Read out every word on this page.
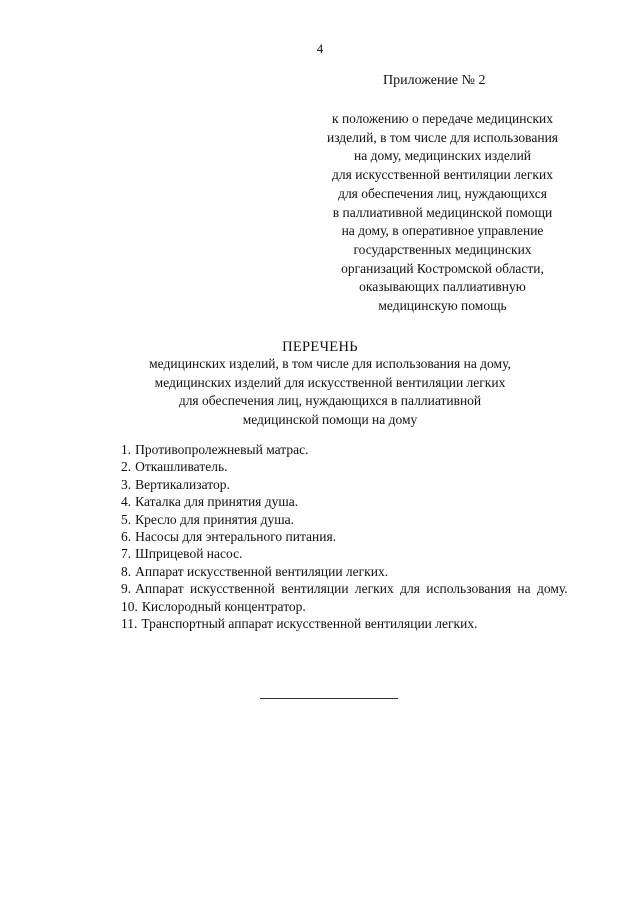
4
Приложение № 2
к положению о передаче медицинских
изделий, в том числе для использования
на дому, медицинских изделий
для искусственной вентиляции легких
для обеспечения лиц, нуждающихся
в паллиативной медицинской помощи
на дому, в оперативное управление
государственных медицинских
организаций Костромской области,
оказывающих паллиативную
медицинскую помощь
ПЕРЕЧЕНЬ
медицинских изделий, в том числе для использования на дому,
медицинских изделий для искусственной вентиляции легких
для обеспечения лиц, нуждающихся в паллиативной
медицинской помощи на дому
1. Противопролежневый матрас.
2. Откашливатель.
3. Вертикализатор.
4. Каталка для принятия душа.
5. Кресло для принятия душа.
6. Насосы для энтерального питания.
7. Шприцевой насос.
8. Аппарат искусственной вентиляции легких.
9. Аппарат искусственной вентиляции легких для использования на дому.
10. Кислородный концентратор.
11. Транспортный аппарат искусственной вентиляции легких.
